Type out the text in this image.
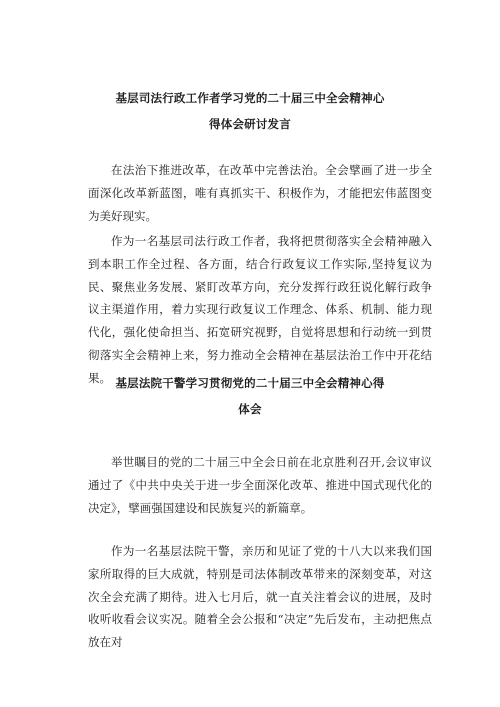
基层司法行政工作者学习党的二十届三中全会精神心
得体会研讨发言

在法治下推进改革，在改革中完善法治。全会擘画了进一步全面深化改革新蓝图，唯有真抓实干、积极作为，才能把宏伟蓝图变为美好现实。

作为一名基层司法行政工作者，我将把贯彻落实全会精神融入到本职工作全过程、各方面，结合行政复议工作实际,坚持复议为民、聚焦业务发展、紧盯改革方向，充分发挥行政狂说化解行政争议主渠道作用，着力实现行政复议工作理念、体系、机制、能力现代化，强化使命担当、拓宽研究视野，自觉将思想和行动统一到贯彻落实全会精神上来，努力推动全会精神在基层法治工作中开花结果。 基层法院干警学习贯彻党的二十届三中全会精神心得
体会

举世瞩目的党的二十届三中全会日前在北京胜利召开,会议审议通过了《中共中央关于进一步全面深化改革、推进中国式现代化的决定》，擘画强国建设和民族复兴的新篇章。

作为一名基层法院干警，亲历和见证了党的十八大以来我们国家所取得的巨大成就，特别是司法体制改革带来的深刻变革，对这次全会充满了期待。进入七月后，就一直关注着会议的进展，及时收听收看会议实况。随着全会公报和“决定”先后发布，主动把焦点放在对
